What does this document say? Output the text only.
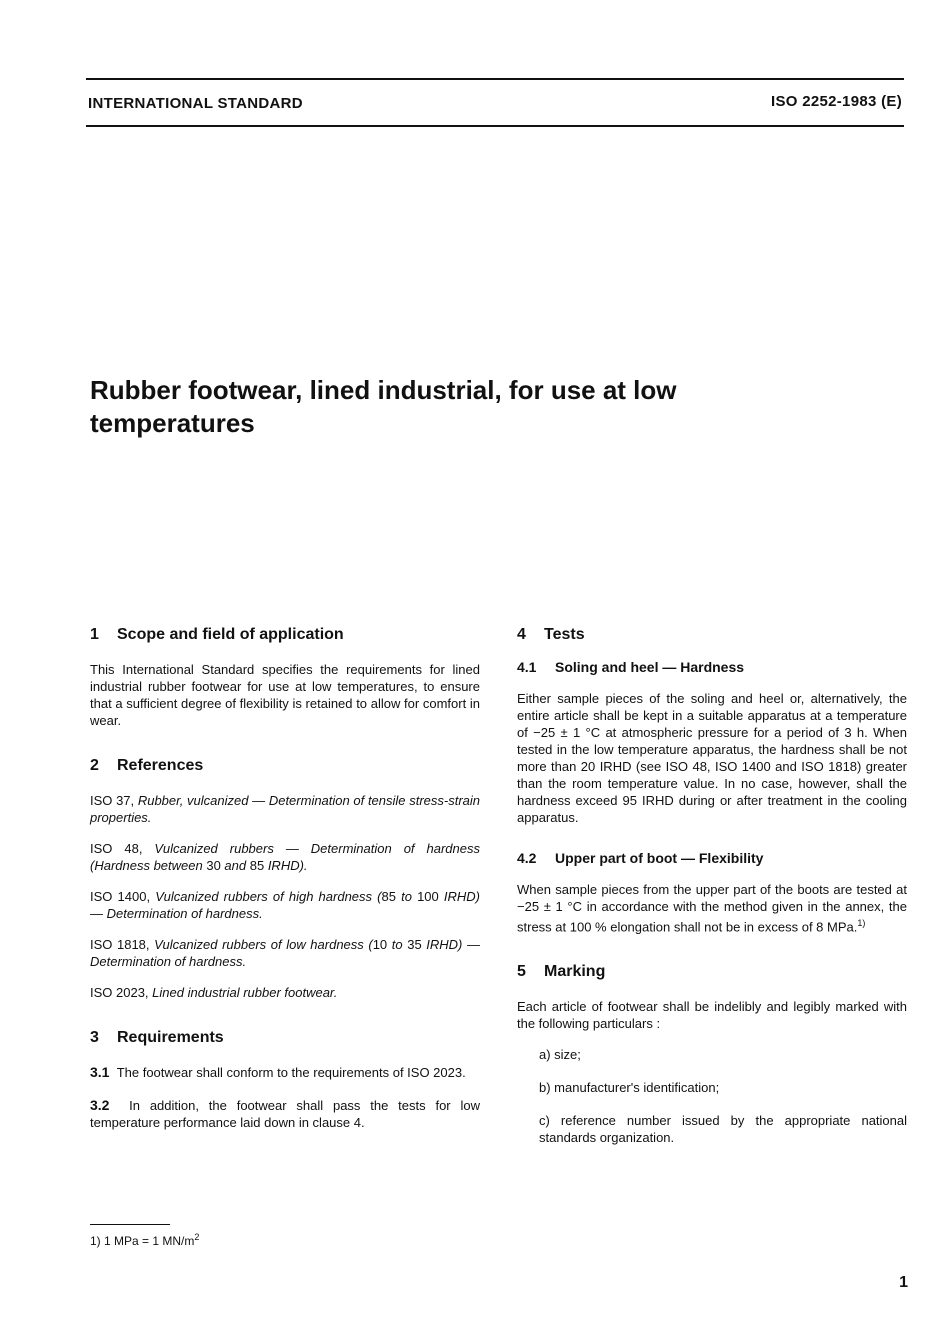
INTERNATIONAL STANDARD	ISO 2252-1983 (E)
Rubber footwear, lined industrial, for use at low temperatures
1 Scope and field of application

This International Standard specifies the requirements for lined industrial rubber footwear for use at low temperatures, to ensure that a sufficient degree of flexibility is retained to allow for comfort in wear.

2 References

ISO 37, Rubber, vulcanized — Determination of tensile stress-strain properties.

ISO 48, Vulcanized rubbers — Determination of hardness (Hardness between 30 and 85 IRHD).

ISO 1400, Vulcanized rubbers of high hardness (85 to 100 IRHD) — Determination of hardness.

ISO 1818, Vulcanized rubbers of low hardness (10 to 35 IRHD) — Determination of hardness.

ISO 2023, Lined industrial rubber footwear.

3 Requirements

3.1 The footwear shall conform to the requirements of ISO 2023.

3.2 In addition, the footwear shall pass the tests for low temperature performance laid down in clause 4.

4 Tests
4.1 Soling and heel — Hardness

Either sample pieces of the soling and heel or, alternatively, the entire article shall be kept in a suitable apparatus at a temperature of −25 ± 1 °C at atmospheric pressure for a period of 3 h. When tested in the low temperature apparatus, the hardness shall be not more than 20 IRHD (see ISO 48, ISO 1400 and ISO 1818) greater than the room temperature value. In no case, however, shall the hardness exceed 95 IRHD during or after treatment in the cooling apparatus.

4.2 Upper part of boot — Flexibility

When sample pieces from the upper part of the boots are tested at −25 ± 1 °C in accordance with the method given in the annex, the stress at 100 % elongation shall not be in excess of 8 MPa.$^{1)}$

5 Marking

Each article of footwear shall be indelibly and legibly marked with the following particulars :

a) size;

b) manufacturer's identification;

c) reference number issued by the appropriate national standards organization.

1) 1 MPa = 1 $MN/m^2$
1
